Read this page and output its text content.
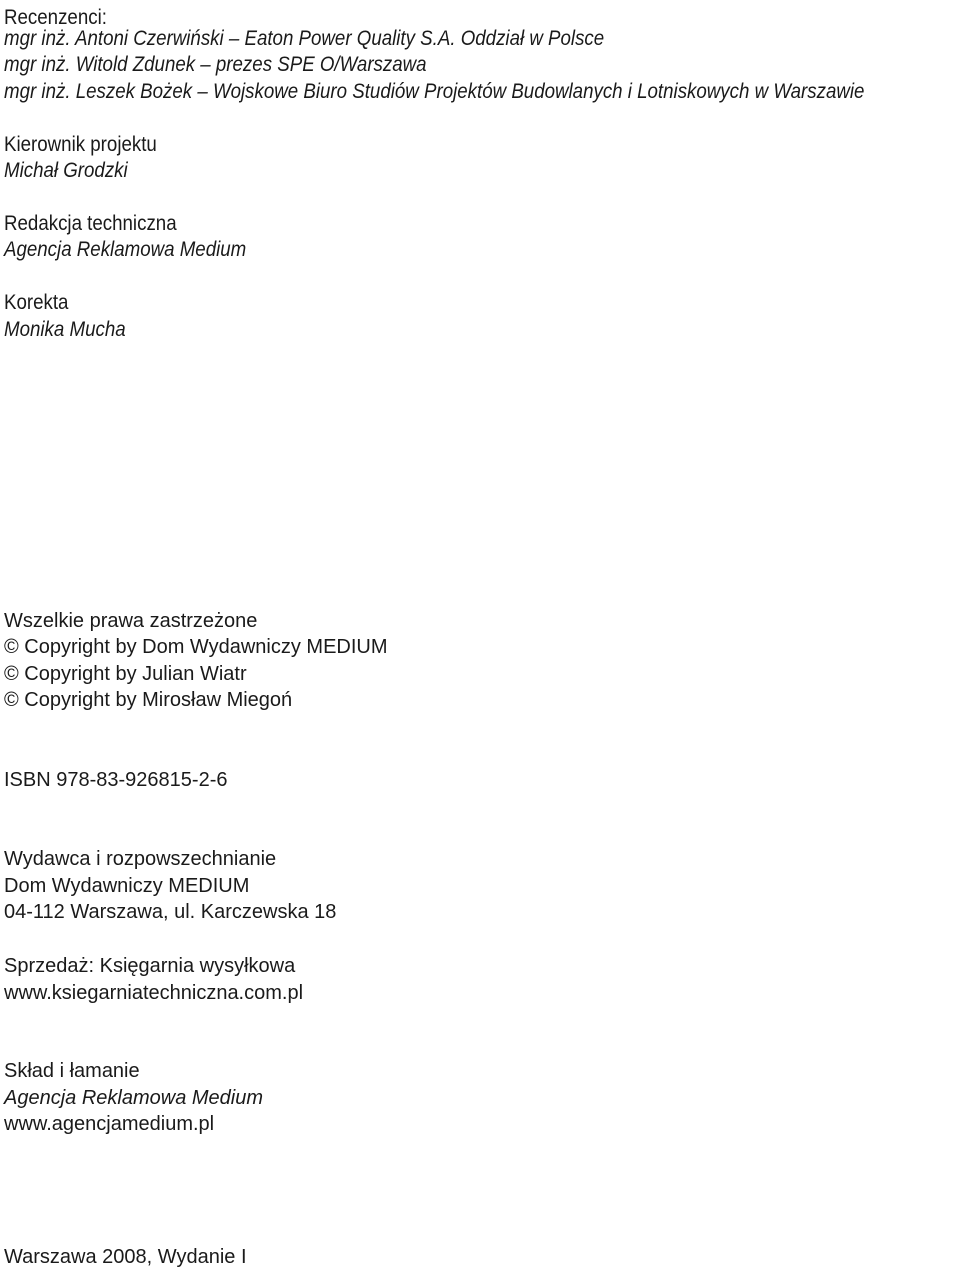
Recenzenci:
mgr inż. Antoni Czerwiński – Eaton Power Quality S.A. Oddział w Polsce
mgr inż. Witold Zdunek – prezes SPE O/Warszawa
mgr inż. Leszek Bożek – Wojskowe Biuro Studiów Projektów Budowlanych i Lotniskowych w Warszawie
Kierownik projektu
Michał Grodzki
Redakcja techniczna
Agencja Reklamowa Medium
Korekta
Monika Mucha
Wszelkie prawa zastrzeżone
© Copyright by Dom Wydawniczy MEDIUM
© Copyright by Julian Wiatr
© Copyright by Mirosław Miegoń
ISBN 978-83-926815-2-6
Wydawca i rozpowszechnianie
Dom Wydawniczy MEDIUM
04-112 Warszawa, ul. Karczewska 18
Sprzedaż: Księgarnia wysyłkowa
www.ksiegarniatechniczna.com.pl
Skład i łamanie
Agencja Reklamowa Medium
www.agencjamedium.pl
Warszawa 2008, Wydanie I
